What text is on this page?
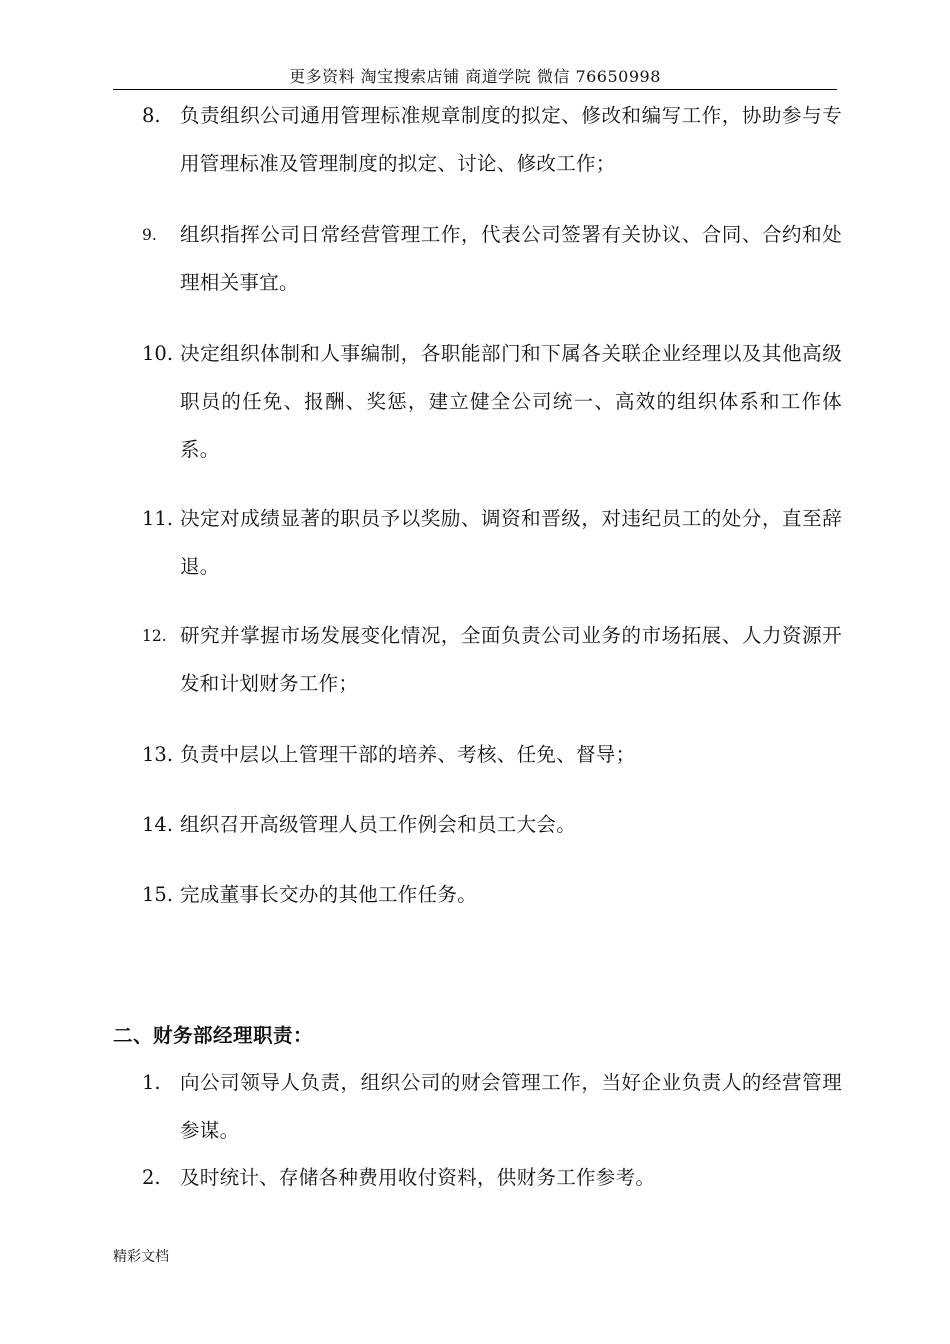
更多资料 淘宝搜索店铺 商道学院 微信 76650998
8. 负责组织公司通用管理标准规章制度的拟定、修改和编写工作，协助参与专用管理标准及管理制度的拟定、讨论、修改工作；
9. 组织指挥公司日常经营管理工作，代表公司签署有关协议、合同、合约和处理相关事宜。
10. 决定组织体制和人事编制，各职能部门和下属各关联企业经理以及其他高级职员的任免、报酬、奖惩，建立健全公司统一、高效的组织体系和工作体系。
11. 决定对成绩显著的职员予以奖励、调资和晋级，对违纪员工的处分，直至辞退。
12. 研究并掌握市场发展变化情况，全面负责公司业务的市场拓展、人力资源开发和计划财务工作；
13. 负责中层以上管理干部的培养、考核、任免、督导；
14. 组织召开高级管理人员工作例会和员工大会。
15. 完成董事长交办的其他工作任务。
二、财务部经理职责：
1. 向公司领导人负责，组织公司的财会管理工作，当好企业负责人的经营管理参谋。
2. 及时统计、存储各种费用收付资料，供财务工作参考。
精彩文档
